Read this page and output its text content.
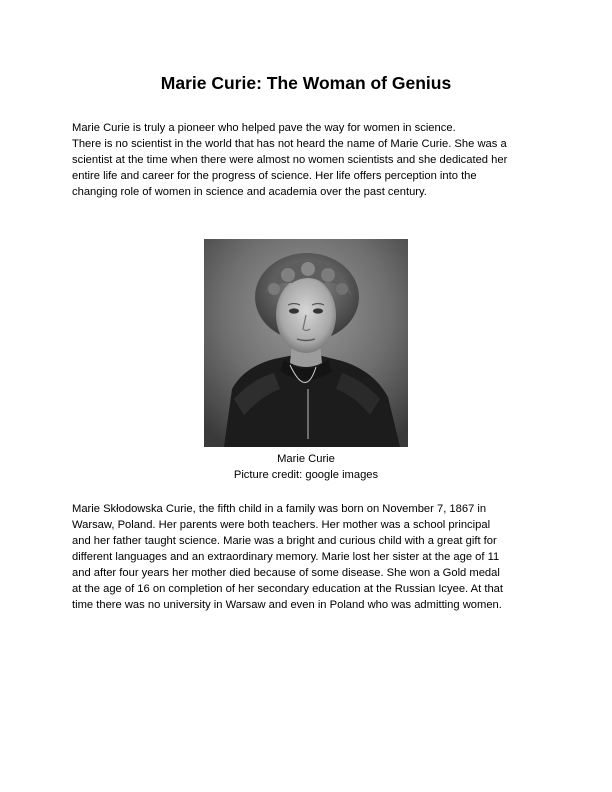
Marie Curie: The Woman of Genius
Marie Curie is truly a pioneer who helped pave the way for women in science.
There is no scientist in the world that has not heard the name of Marie Curie. She was a
scientist at the time when there were almost no women scientists and she dedicated her
entire life and career for the progress of science. Her life offers perception into the
changing role of women in science and academia over the past century.
Marie Curie
Picture credit: google images
Marie Skłodowska Curie, the fifth child in a family was born on November 7, 1867 in
Warsaw, Poland. Her parents were both teachers. Her mother was a school principal
and her father taught science. Marie was a bright and curious child with a great gift for
different languages and an extraordinary memory. Marie lost her sister at the age of 11
and after four years her mother died because of some disease. She won a Gold medal
at the age of 16 on completion of her secondary education at the Russian Icyee. At that
time there was no university in Warsaw and even in Poland who was admitting women.
